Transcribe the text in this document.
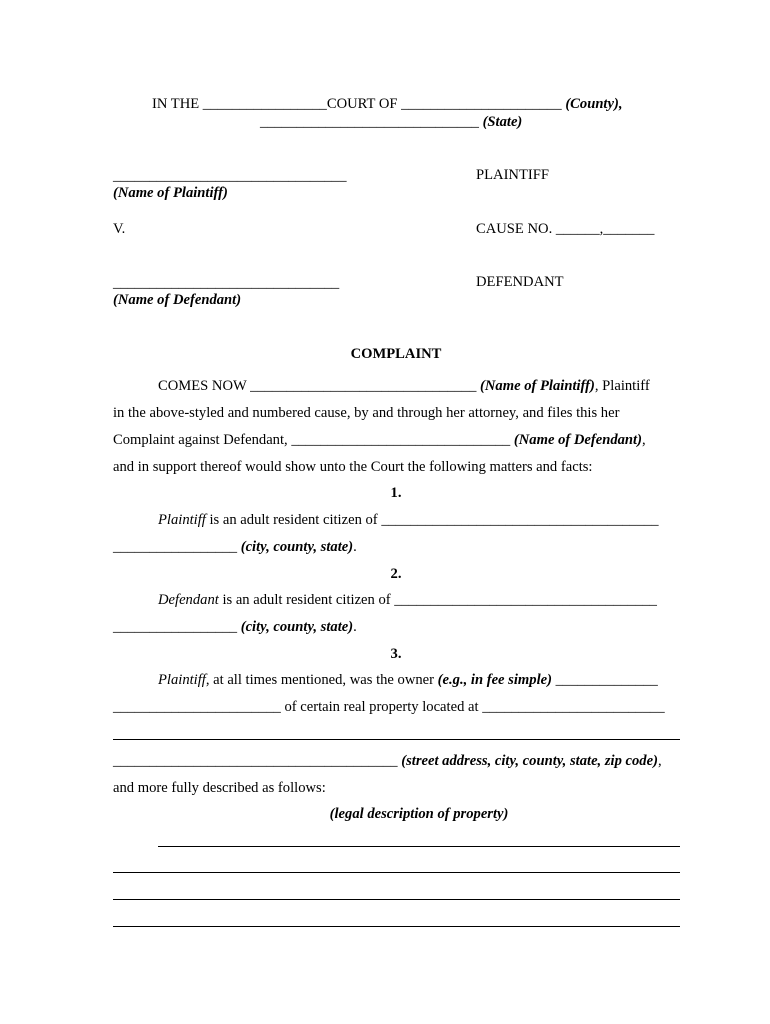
IN THE _________________COURT OF ______________________ (County),
______________________________ (State)
________________________________	PLAINTIFF
(Name of Plaintiff)
V.	CAUSE NO. ______,_______
_______________________________	DEFENDANT
(Name of Defendant)
COMPLAINT
COMES NOW _______________________________ (Name of Plaintiff), Plaintiff
in the above-styled and numbered cause, by and through her attorney, and files this her
Complaint against Defendant, ______________________________ (Name of Defendant),
and in support thereof would show unto the Court the following matters and facts:
1.
Plaintiff is an adult resident citizen of ______________________________________
_________________ (city, county, state).
2.
Defendant is an adult resident citizen of ____________________________________
_________________ (city, county, state).
3.
Plaintiff, at all times mentioned, was the owner (e.g., in fee simple) ______________
_______________________ of certain real property located at _________________________
_______________________________________ (street address, city, county, state, zip code),
and more fully described as follows:
(legal description of property)
